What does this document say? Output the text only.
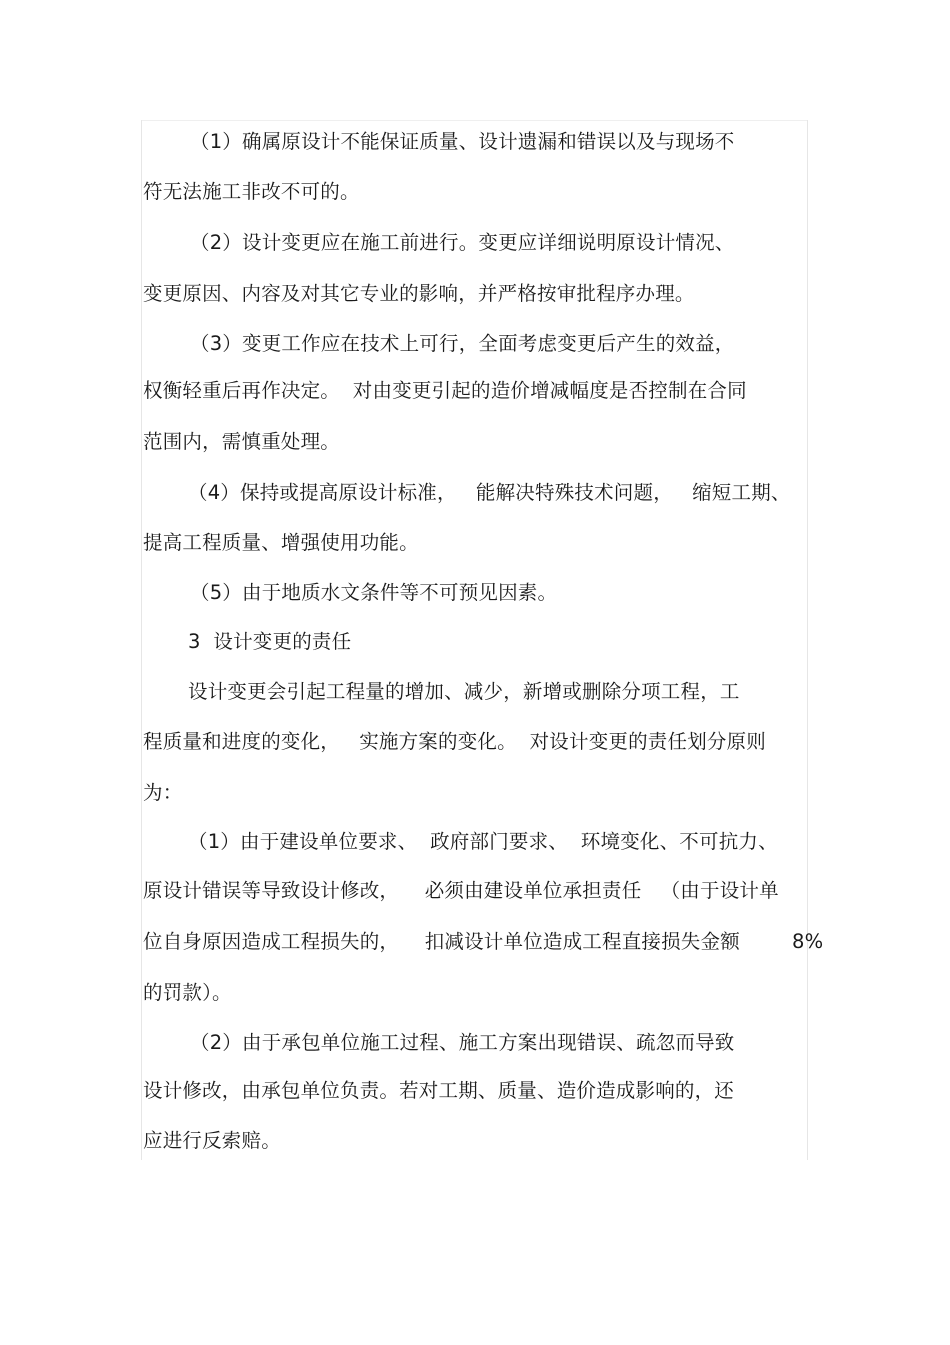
（1）确属原设计不能保证质量、设计遗漏和错误以及与现场不
符无法施工非改不可的。
（2）设计变更应在施工前进行。变更应详细说明原设计情况、
变更原因、内容及对其它专业的影响，并严格按审批程序办理。
（3）变更工作应在技术上可行，全面考虑变更后产生的效益，
权衡轻重后再作决定。  对由变更引起的造价增减幅度是否控制在合同
范围内，需慎重处理。
（4）保持或提高原设计标准，   能解决特殊技术问题，   缩短工期、
提高工程质量、增强使用功能。
（5）由于地质水文条件等不可预见因素。
3  设计变更的责任
设计变更会引起工程量的增加、减少，新增或删除分项工程，工
程质量和进度的变化，   实施方案的变化。  对设计变更的责任划分原则
为：
（1）由于建设单位要求、  政府部门要求、  环境变化、不可抗力、
原设计错误等导致设计修改，    必须由建设单位承担责任   （由于设计单
位自身原因造成工程损失的，    扣减设计单位造成工程直接损失金额	8%
的罚款）。
（2）由于承包单位施工过程、施工方案出现错误、疏忽而导致
设计修改，由承包单位负责。若对工期、质量、造价造成影响的，还
应进行反索赔。
